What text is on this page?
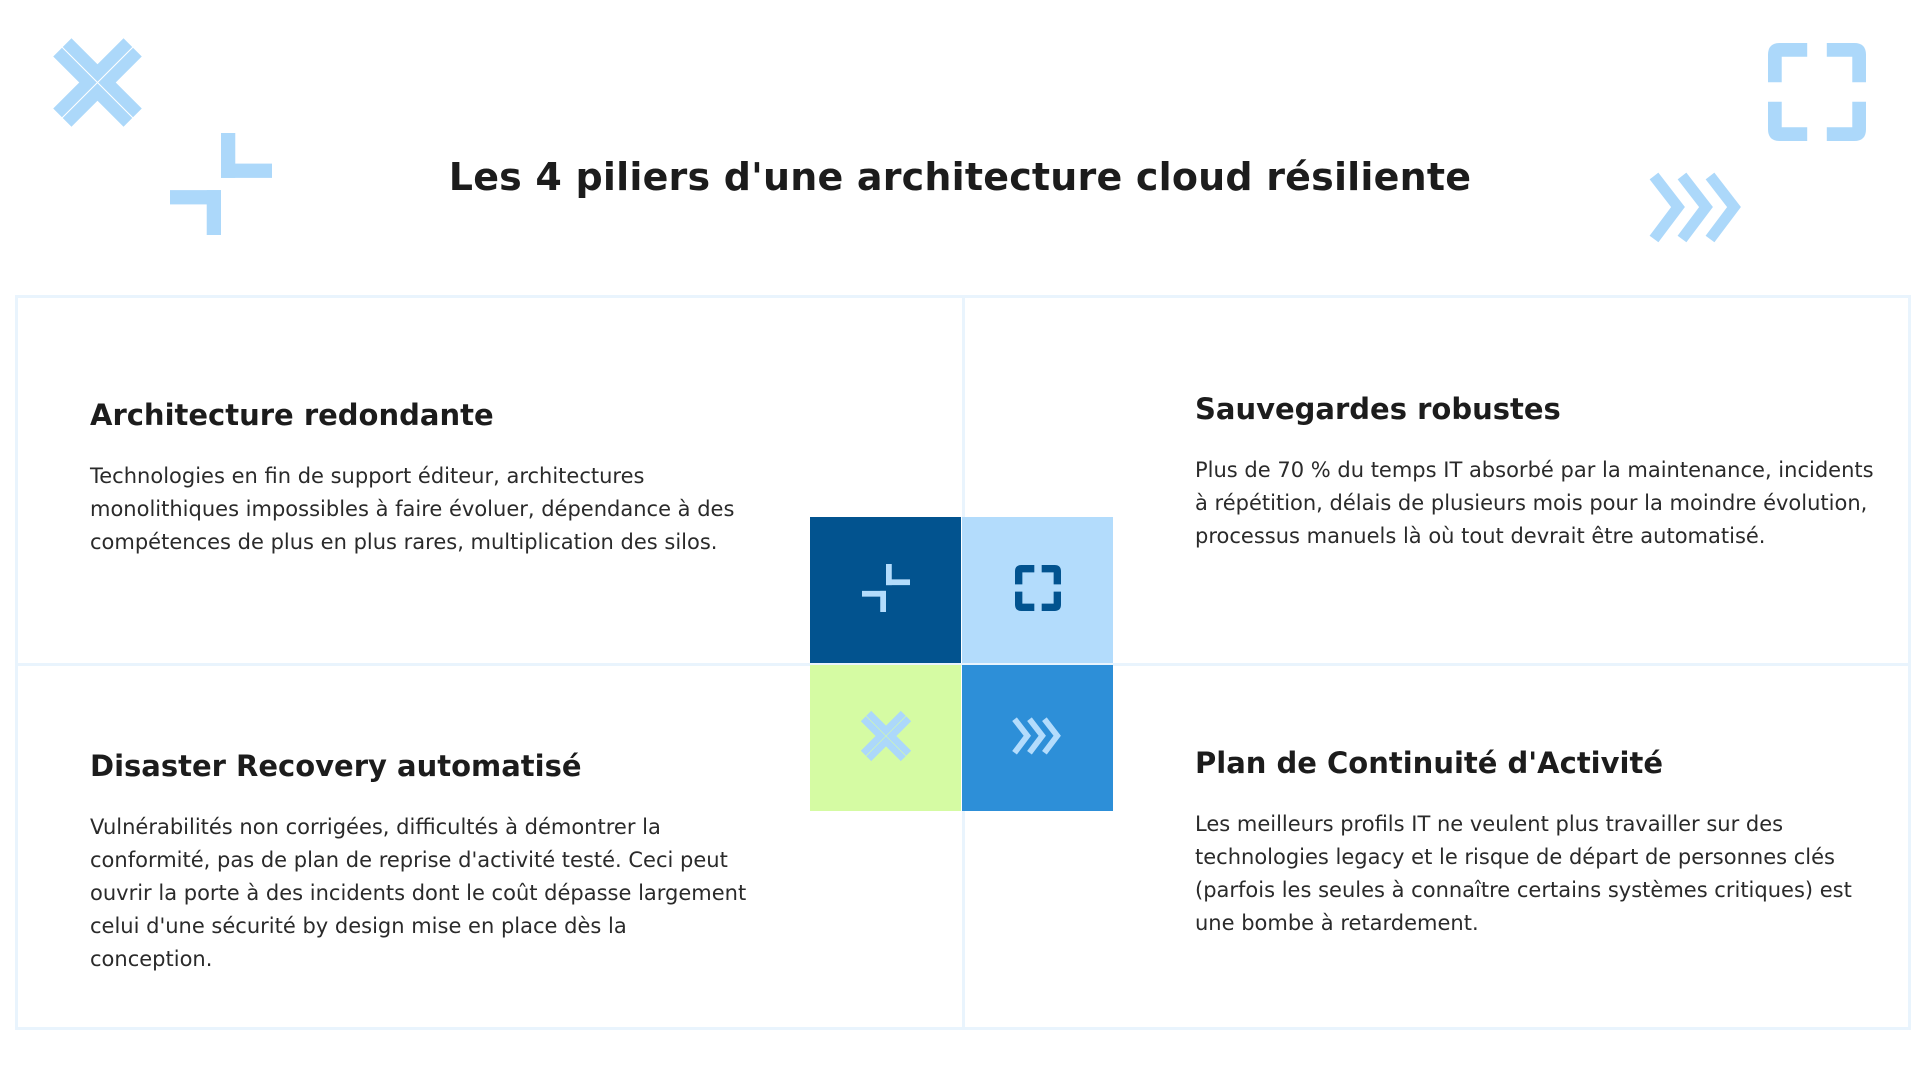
Les 4 piliers d'une architecture cloud résiliente
Architecture redondante

Technologies en fin de support éditeur, architectures monolithiques impossibles à faire évoluer, dépendance à des compétences de plus en plus rares, multiplication des silos.

Sauvegardes robustes

Plus de 70 % du temps IT absorbé par la maintenance, incidents à répétition, délais de plusieurs mois pour la moindre évolution, processus manuels là où tout devrait être automatisé.

Disaster Recovery automatisé

Vulnérabilités non corrigées, difficultés à démontrer la conformité, pas de plan de reprise d'activité testé. Ceci peut ouvrir la porte à des incidents dont le coût dépasse largement celui d'une sécurité by design mise en place dès la conception.

Plan de Continuité d'Activité

Les meilleurs profils IT ne veulent plus travailler sur des technologies legacy et le risque de départ de personnes clés (parfois les seules à connaître certains systèmes critiques) est une bombe à retardement.
